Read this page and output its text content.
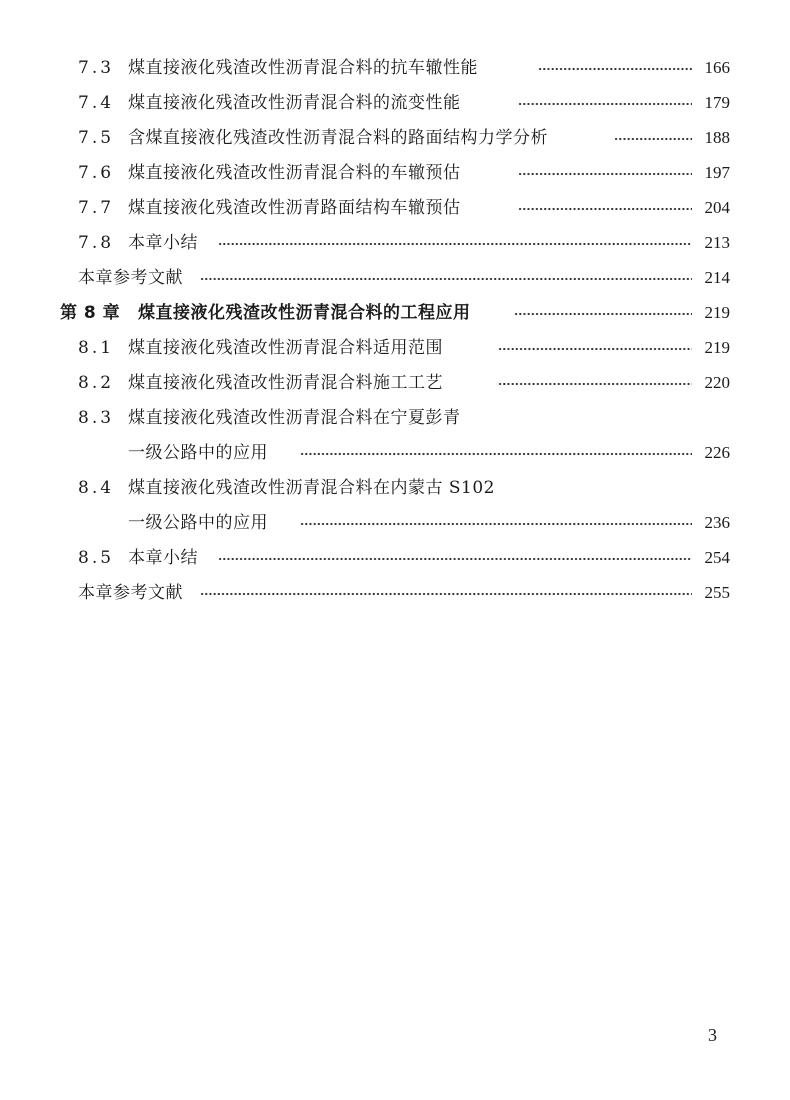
7.3 煤直接液化残渣改性沥青混合料的抗车辙性能	166
7.4 煤直接液化残渣改性沥青混合料的流变性能	179
7.5 含煤直接液化残渣改性沥青混合料的路面结构力学分析	188
7.6 煤直接液化残渣改性沥青混合料的车辙预估	197
7.7 煤直接液化残渣改性沥青路面结构车辙预估	204
7.8 本章小结	213
本章参考文献	214
第 8 章 煤直接液化残渣改性沥青混合料的工程应用	219
8.1 煤直接液化残渣改性沥青混合料适用范围	219
8.2 煤直接液化残渣改性沥青混合料施工工艺	220
8.3 煤直接液化残渣改性沥青混合料在宁夏彭青
一级公路中的应用	226
8.4 煤直接液化残渣改性沥青混合料在内蒙古 S102
一级公路中的应用	236
8.5 本章小结	254
本章参考文献	255
3
